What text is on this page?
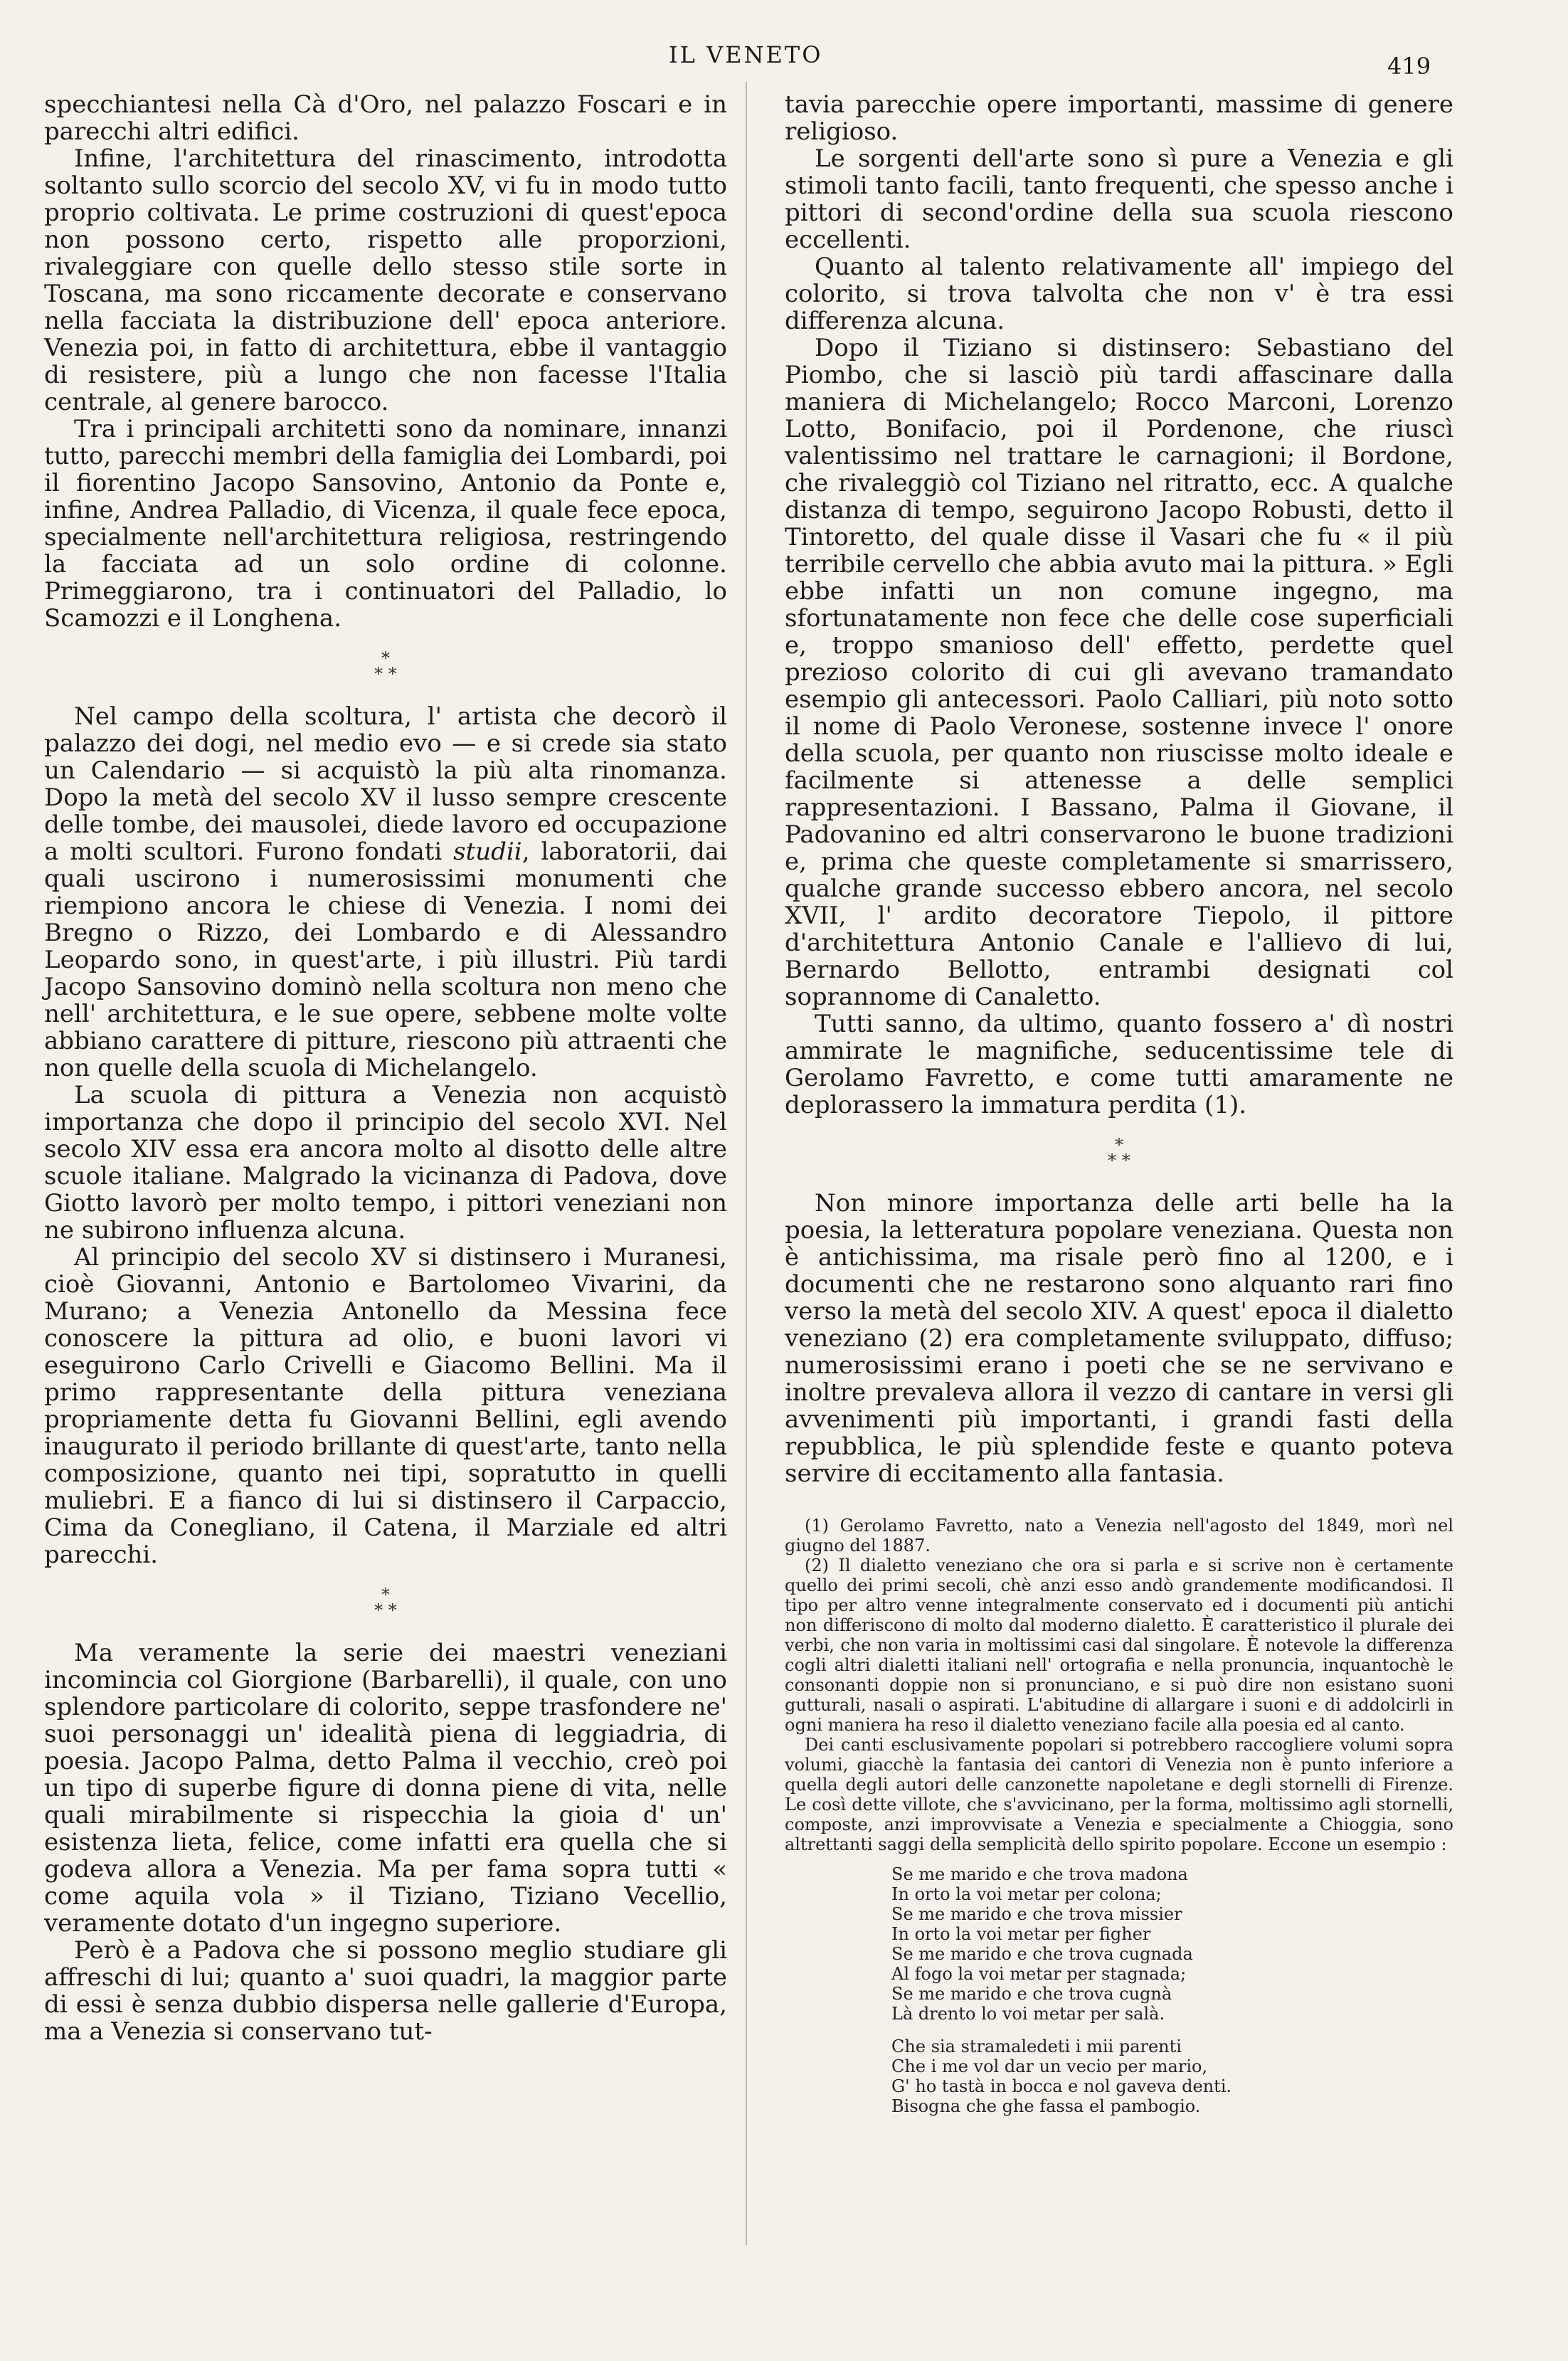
IL VENETO	419

specchiantesi nella Cà d'Oro, nel palazzo Foscari e in parecchi altri edifici.

Infine, l'architettura del rinascimento, introdotta soltanto sullo scorcio del secolo XV, vi fu in modo tutto proprio coltivata. Le prime costruzioni di quest'epoca non possono certo, rispetto alle proporzioni, rivaleggiare con quelle dello stesso stile sorte in Toscana, ma sono riccamente decorate e conservano nella facciata la distribuzione dell' epoca anteriore. Venezia poi, in fatto di architettura, ebbe il vantaggio di resistere, più a lungo che non facesse l'Italia centrale, al genere barocco.

Tra i principali architetti sono da nominare, innanzi tutto, parecchi membri della famiglia dei Lombardi, poi il fiorentino Jacopo Sansovino, Antonio da Ponte e, infine, Andrea Palladio, di Vicenza, il quale fece epoca, specialmente nell'architettura religiosa, restringendo la facciata ad un solo ordine di colonne. Primeggiarono, tra i continuatori del Palladio, lo Scamozzi e il Longhena.

*
* *

Nel campo della scoltura, l' artista che decorò il palazzo dei dogi, nel medio evo — e si crede sia stato un Calendario — si acquistò la più alta rinomanza. Dopo la metà del secolo XV il lusso sempre crescente delle tombe, dei mausolei, diede lavoro ed occupazione a molti scultori. Furono fondati studii, laboratorii, dai quali uscirono i numerosissimi monumenti che riempiono ancora le chiese di Venezia. I nomi dei Bregno o Rizzo, dei Lombardo e di Alessandro Leopardo sono, in quest'arte, i più illustri. Più tardi Jacopo Sansovino dominò nella scoltura non meno che nell' architettura, e le sue opere, sebbene molte volte abbiano carattere di pitture, riescono più attraenti che non quelle della scuola di Michelangelo.

La scuola di pittura a Venezia non acquistò importanza che dopo il principio del secolo XVI. Nel secolo XIV essa era ancora molto al disotto delle altre scuole italiane. Malgrado la vicinanza di Padova, dove Giotto lavorò per molto tempo, i pittori veneziani non ne subirono influenza alcuna.

Al principio del secolo XV si distinsero i Muranesi, cioè Giovanni, Antonio e Bartolomeo Vivarini, da Murano; a Venezia Antonello da Messina fece conoscere la pittura ad olio, e buoni lavori vi eseguirono Carlo Crivelli e Giacomo Bellini. Ma il primo rappresentante della pittura veneziana propriamente detta fu Giovanni Bellini, egli avendo inaugurato il periodo brillante di quest'arte, tanto nella composizione, quanto nei tipi, sopratutto in quelli muliebri. E a fianco di lui si distinsero il Carpaccio, Cima da Conegliano, il Catena, il Marziale ed altri parecchi.

*
* *

Ma veramente la serie dei maestri veneziani incomincia col Giorgione (Barbarelli), il quale, con uno splendore particolare di colorito, seppe trasfondere ne' suoi personaggi un' idealità piena di leggiadria, di poesia. Jacopo Palma, detto Palma il vecchio, creò poi un tipo di superbe figure di donna piene di vita, nelle quali mirabilmente si rispecchia la gioia d' un' esistenza lieta, felice, come infatti era quella che si godeva allora a Venezia. Ma per fama sopra tutti « come aquila vola » il Tiziano, Tiziano Vecellio, veramente dotato d'un ingegno superiore.

Però è a Padova che si possono meglio studiare gli affreschi di lui; quanto a' suoi quadri, la maggior parte di essi è senza dubbio dispersa nelle gallerie d'Europa, ma a Venezia si conservano tut-

tavia parecchie opere importanti, massime di genere religioso.

Le sorgenti dell'arte sono sì pure a Venezia e gli stimoli tanto facili, tanto frequenti, che spesso anche i pittori di second'ordine della sua scuola riescono eccellenti.

Quanto al talento relativamente all' impiego del colorito, si trova talvolta che non v' è tra essi differenza alcuna.

Dopo il Tiziano si distinsero: Sebastiano del Piombo, che si lasciò più tardi affascinare dalla maniera di Michelangelo; Rocco Marconi, Lorenzo Lotto, Bonifacio, poi il Pordenone, che riuscì valentissimo nel trattare le carnagioni; il Bordone, che rivaleggiò col Tiziano nel ritratto, ecc. A qualche distanza di tempo, seguirono Jacopo Robusti, detto il Tintoretto, del quale disse il Vasari che fu « il più terribile cervello che abbia avuto mai la pittura. » Egli ebbe infatti un non comune ingegno, ma sfortunatamente non fece che delle cose superficiali e, troppo smanioso dell' effetto, perdette quel prezioso colorito di cui gli avevano tramandato esempio gli antecessori. Paolo Calliari, più noto sotto il nome di Paolo Veronese, sostenne invece l' onore della scuola, per quanto non riuscisse molto ideale e facilmente si attenesse a delle semplici rappresentazioni. I Bassano, Palma il Giovane, il Padovanino ed altri conservarono le buone tradizioni e, prima che queste completamente si smarrissero, qualche grande successo ebbero ancora, nel secolo XVII, l' ardito decoratore Tiepolo, il pittore d'architettura Antonio Canale e l'allievo di lui, Bernardo Bellotto, entrambi designati col soprannome di Canaletto.

Tutti sanno, da ultimo, quanto fossero a' dì nostri ammirate le magnifiche, seducentissime tele di Gerolamo Favretto, e come tutti amaramente ne deplorassero la immatura perdita (1).

*
* *

Non minore importanza delle arti belle ha la poesia, la letteratura popolare veneziana. Questa non è antichissima, ma risale però fino al 1200, e i documenti che ne restarono sono alquanto rari fino verso la metà del secolo XIV. A quest' epoca il dialetto veneziano (2) era completamente sviluppato, diffuso; numerosissimi erano i poeti che se ne servivano e inoltre prevaleva allora il vezzo di cantare in versi gli avvenimenti più importanti, i grandi fasti della repubblica, le più splendide feste e quanto poteva servire di eccitamento alla fantasia.

(1) Gerolamo Favretto, nato a Venezia nell'agosto del 1849, morì nel giugno del 1887.

(2) Il dialetto veneziano che ora si parla e si scrive non è certamente quello dei primi secoli, chè anzi esso andò grandemente modificandosi. Il tipo per altro venne integralmente conservato ed i documenti più antichi non differiscono di molto dal moderno dialetto. È caratteristico il plurale dei verbi, che non varia in moltissimi casi dal singolare. È notevole la differenza cogli altri dialetti italiani nell' ortografia e nella pronuncia, inquantochè le consonanti doppie non si pronunciano, e si può dire non esistano suoni gutturali, nasali o aspirati. L'abitudine di allargare i suoni e di addolcirli in ogni maniera ha reso il dialetto veneziano facile alla poesia ed al canto.

Dei canti esclusivamente popolari si potrebbero raccogliere volumi sopra volumi, giacchè la fantasia dei cantori di Venezia non è punto inferiore a quella degli autori delle canzonette napoletane e degli stornelli di Firenze. Le così dette villote, che s'avvicinano, per la forma, moltissimo agli stornelli, composte, anzi improvvisate a Venezia e specialmente a Chioggia, sono altrettanti saggi della semplicità dello spirito popolare. Eccone un esempio :

Se me marido e che trova madona

In orto la voi metar per colona;

Se me marido e che trova missier

In orto la voi metar per figher

Se me marido e che trova cugnada

Al fogo la voi metar per stagnada;

Se me marido e che trova cugnà

Là drento lo voi metar per salà.

Che sia stramaledeti i mii parenti

Che i me vol dar un vecio per mario,

G' ho tastà in bocca e nol gaveva denti.

Bisogna che ghe fassa el pambogio.
